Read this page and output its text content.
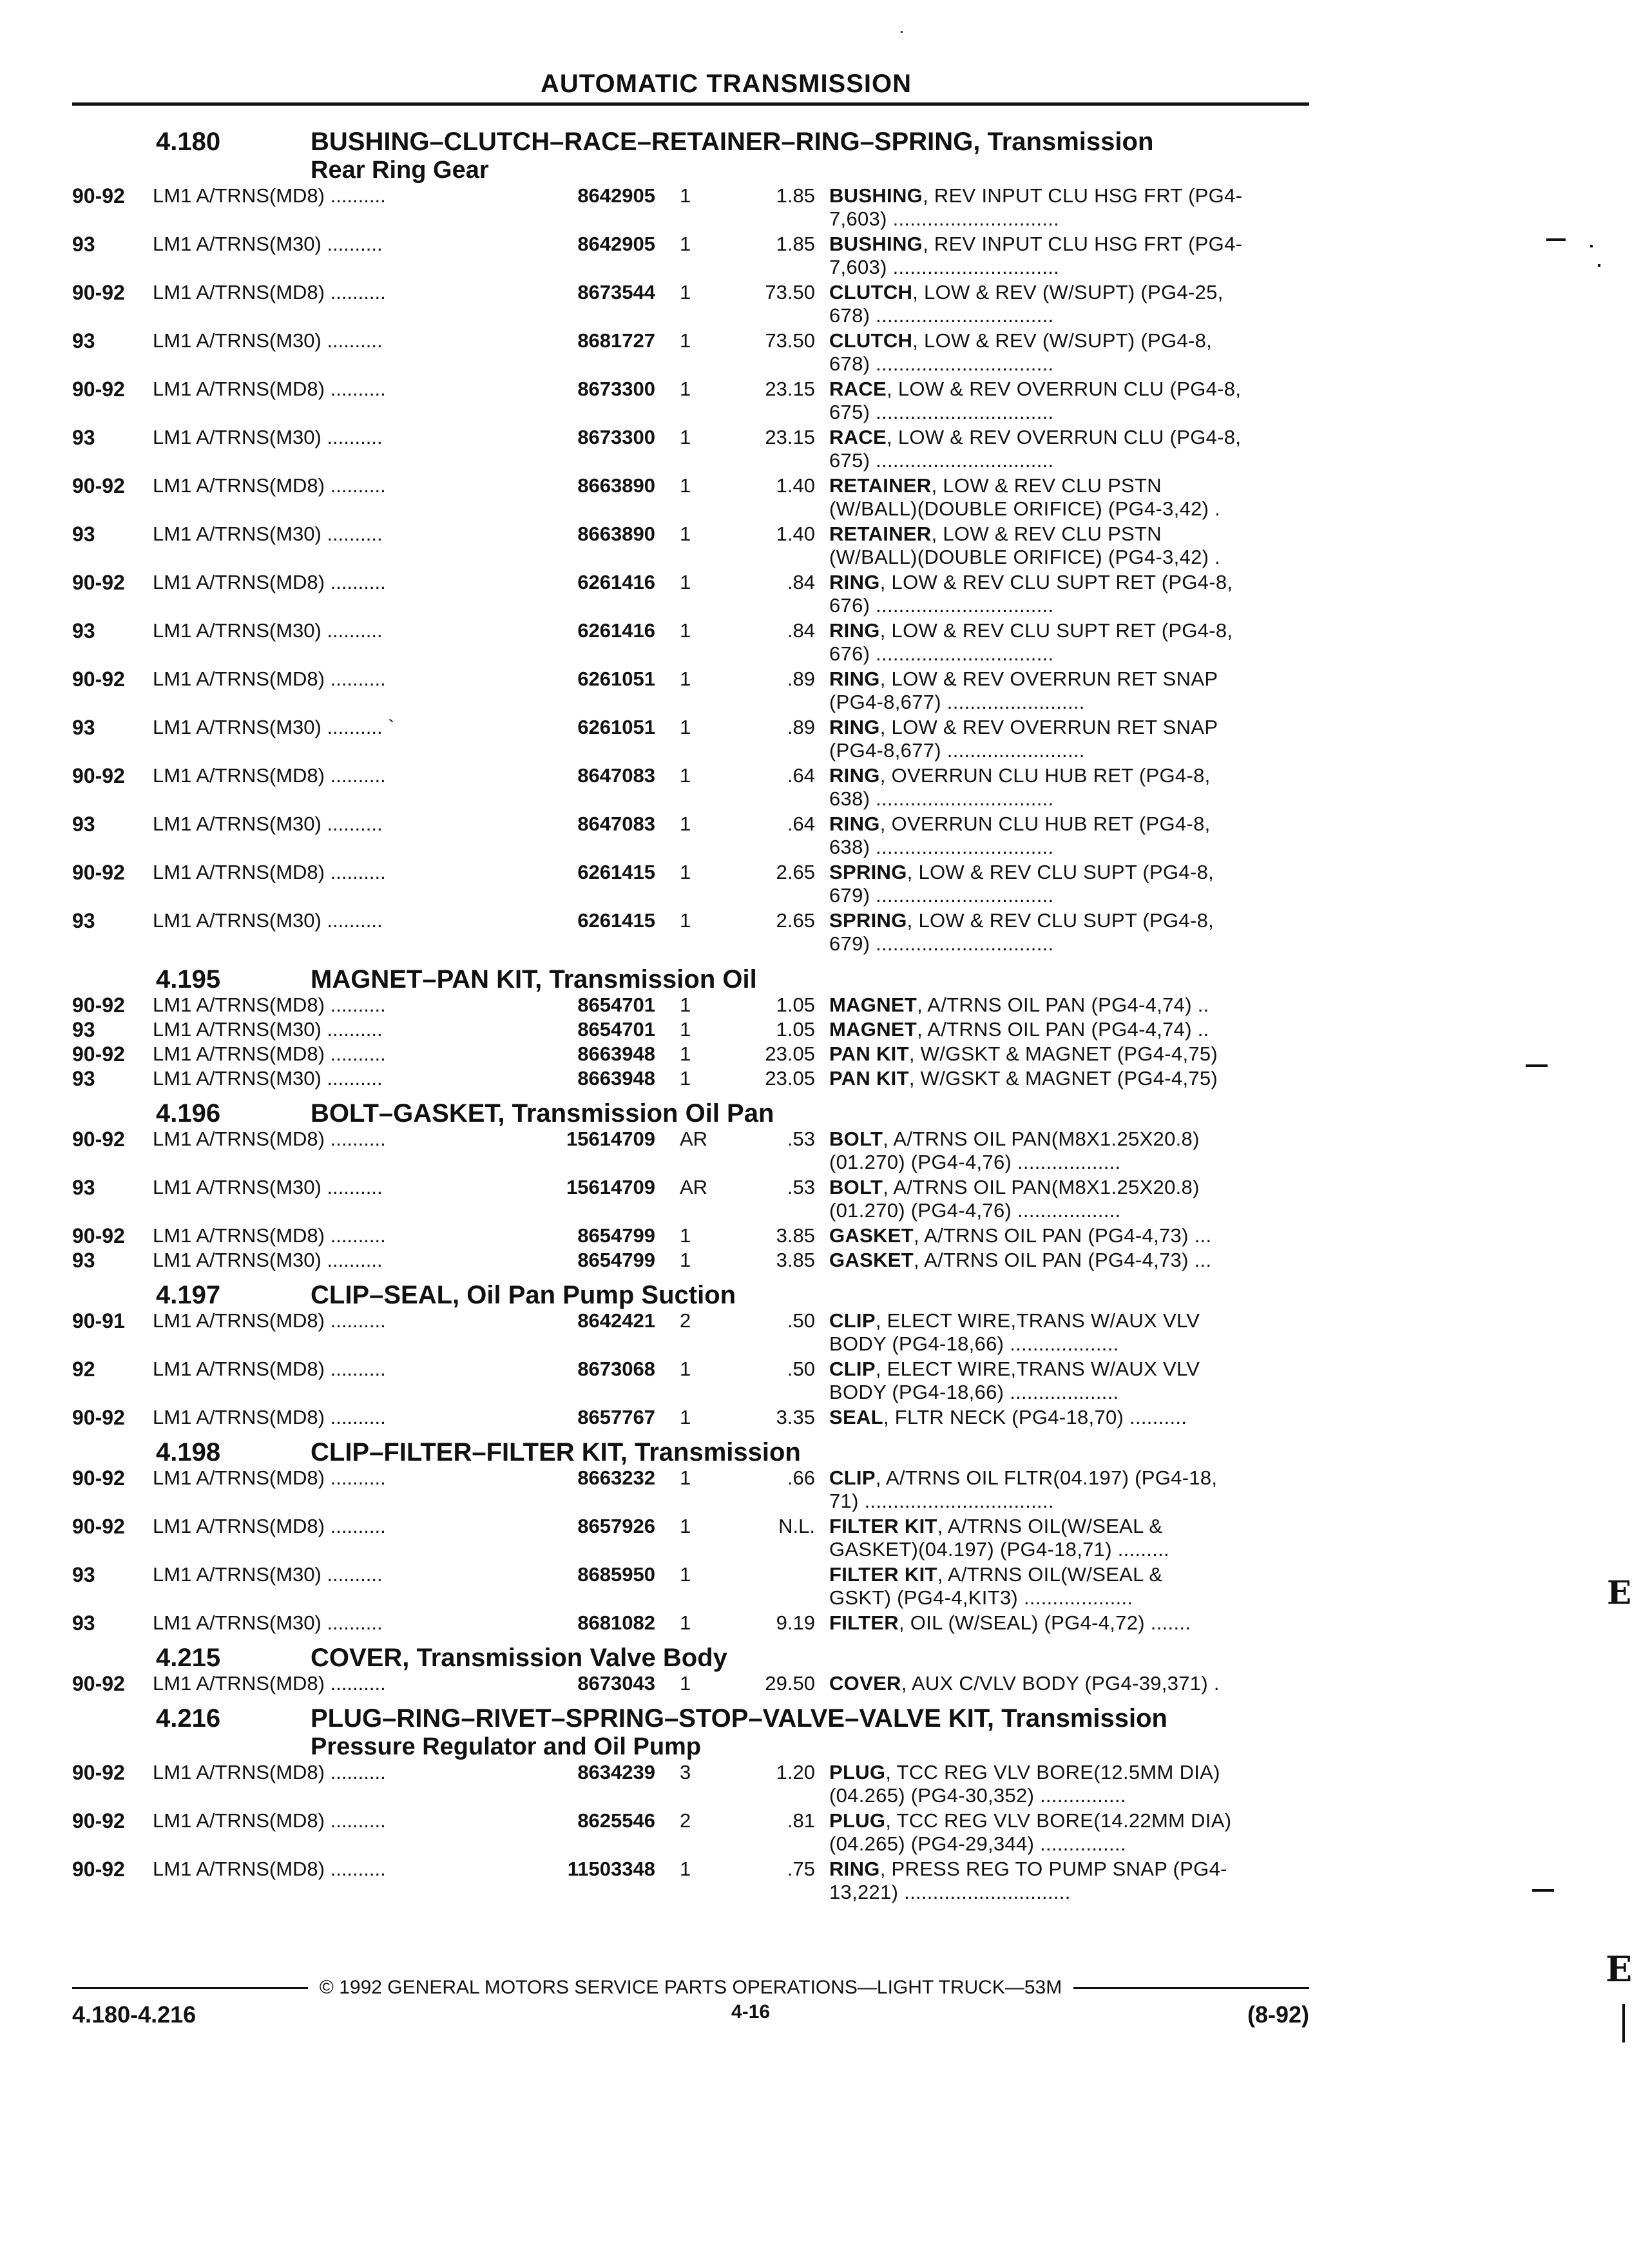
AUTOMATIC TRANSMISSION
4.180	BUSHING–CLUTCH–RACE–RETAINER–RING–SPRING, Transmission
Rear Ring Gear
90-92	LM1 A/TRNS(MD8) ..........	8642905	1	1.85 BUSHING, REV INPUT CLU HSG FRT (PG4-
7,603) .............................
93	LM1 A/TRNS(M30) ..........	8642905	1	1.85 BUSHING, REV INPUT CLU HSG FRT (PG4-
7,603) .............................
90-92	LM1 A/TRNS(MD8) ..........	8673544	1	73.50 CLUTCH, LOW & REV (W/SUPT) (PG4-25,
678) ...............................
93	LM1 A/TRNS(M30) ..........	8681727	1	73.50 CLUTCH, LOW & REV (W/SUPT) (PG4-8,
678) ...............................
90-92	LM1 A/TRNS(MD8) ..........	8673300	1	23.15 RACE, LOW & REV OVERRUN CLU (PG4-8,
675) ...............................
93	LM1 A/TRNS(M30) ..........	8673300	1	23.15 RACE, LOW & REV OVERRUN CLU (PG4-8,
675) ...............................
90-92	LM1 A/TRNS(MD8) ..........	8663890	1	1.40 RETAINER, LOW & REV CLU PSTN
(W/BALL)(DOUBLE ORIFICE) (PG4-3,42) .
93	LM1 A/TRNS(M30) ..........	8663890	1	1.40 RETAINER, LOW & REV CLU PSTN
(W/BALL)(DOUBLE ORIFICE) (PG4-3,42) .
90-92	LM1 A/TRNS(MD8) ..........	6261416	1	.84 RING, LOW & REV CLU SUPT RET (PG4-8,
676) ...............................
93	LM1 A/TRNS(M30) ..........	6261416	1	.84 RING, LOW & REV CLU SUPT RET (PG4-8,
676) ...............................
90-92	LM1 A/TRNS(MD8) ..........	6261051	1	.89 RING, LOW & REV OVERRUN RET SNAP
(PG4-8,677) ........................
93	LM1 A/TRNS(M30) .......... `	6261051	1	.89 RING, LOW & REV OVERRUN RET SNAP
(PG4-8,677) ........................
90-92	LM1 A/TRNS(MD8) ..........	8647083	1	.64 RING, OVERRUN CLU HUB RET (PG4-8,
638) ...............................
93	LM1 A/TRNS(M30) ..........	8647083	1	.64 RING, OVERRUN CLU HUB RET (PG4-8,
638) ...............................
90-92	LM1 A/TRNS(MD8) ..........	6261415	1	2.65 SPRING, LOW & REV CLU SUPT (PG4-8,
679) ...............................
93	LM1 A/TRNS(M30) ..........	6261415	1	2.65 SPRING, LOW & REV CLU SUPT (PG4-8,
679) ...............................
4.195	MAGNET–PAN KIT, Transmission Oil
90-92	LM1 A/TRNS(MD8) ..........	8654701	1	1.05 MAGNET, A/TRNS OIL PAN (PG4-4,74) ..
93	LM1 A/TRNS(M30) ..........	8654701	1	1.05 MAGNET, A/TRNS OIL PAN (PG4-4,74) ..
90-92	LM1 A/TRNS(MD8) ..........	8663948	1	23.05 PAN KIT, W/GSKT & MAGNET (PG4-4,75)
93	LM1 A/TRNS(M30) ..........	8663948	1	23.05 PAN KIT, W/GSKT & MAGNET (PG4-4,75)
4.196	BOLT–GASKET, Transmission Oil Pan
90-92	LM1 A/TRNS(MD8) ..........	15614709	AR	.53 BOLT, A/TRNS OIL PAN(M8X1.25X20.8)
(01.270) (PG4-4,76) ..................
93	LM1 A/TRNS(M30) ..........	15614709	AR	.53 BOLT, A/TRNS OIL PAN(M8X1.25X20.8)
(01.270) (PG4-4,76) ..................
90-92	LM1 A/TRNS(MD8) ..........	8654799	1	3.85 GASKET, A/TRNS OIL PAN (PG4-4,73) ...
93	LM1 A/TRNS(M30) ..........	8654799	1	3.85 GASKET, A/TRNS OIL PAN (PG4-4,73) ...
4.197	CLIP–SEAL, Oil Pan Pump Suction
90-91	LM1 A/TRNS(MD8) ..........	8642421	2	.50 CLIP, ELECT WIRE,TRANS W/AUX VLV
BODY (PG4-18,66) ...................
92	LM1 A/TRNS(MD8) ..........	8673068	1	.50 CLIP, ELECT WIRE,TRANS W/AUX VLV
BODY (PG4-18,66) ...................
90-92	LM1 A/TRNS(MD8) ..........	8657767	1	3.35 SEAL, FLTR NECK (PG4-18,70) ..........
4.198	CLIP–FILTER–FILTER KIT, Transmission
90-92	LM1 A/TRNS(MD8) ..........	8663232	1	.66 CLIP, A/TRNS OIL FLTR(04.197) (PG4-18,
71) .................................
90-92	LM1 A/TRNS(MD8) ..........	8657926	1	N.L. FILTER KIT, A/TRNS OIL(W/SEAL &
GASKET)(04.197) (PG4-18,71) .........
93	LM1 A/TRNS(M30) ..........	8685950	1	FILTER KIT, A/TRNS OIL(W/SEAL &
GSKT) (PG4-4,KIT3) ...................
93	LM1 A/TRNS(M30) ..........	8681082	1	9.19 FILTER, OIL (W/SEAL) (PG4-4,72) .......
4.215	COVER, Transmission Valve Body
90-92	LM1 A/TRNS(MD8) ..........	8673043	1	29.50 COVER, AUX C/VLV BODY (PG4-39,371) .
4.216	PLUG–RING–RIVET–SPRING–STOP–VALVE–VALVE KIT, Transmission
Pressure Regulator and Oil Pump
90-92	LM1 A/TRNS(MD8) ..........	8634239	3	1.20 PLUG, TCC REG VLV BORE(12.5MM DIA)
(04.265) (PG4-30,352) ...............
90-92	LM1 A/TRNS(MD8) ..........	8625546	2	.81 PLUG, TCC REG VLV BORE(14.22MM DIA)
(04.265) (PG4-29,344) ...............
90-92	LM1 A/TRNS(MD8) ..........	11503348	1	.75 RING, PRESS REG TO PUMP SNAP (PG4-
13,221) .............................
© 1992 GENERAL MOTORS SERVICE PARTS OPERATIONS—LIGHT TRUCK—53M
4.180-4.216	4-16	(8-92)
E
E
